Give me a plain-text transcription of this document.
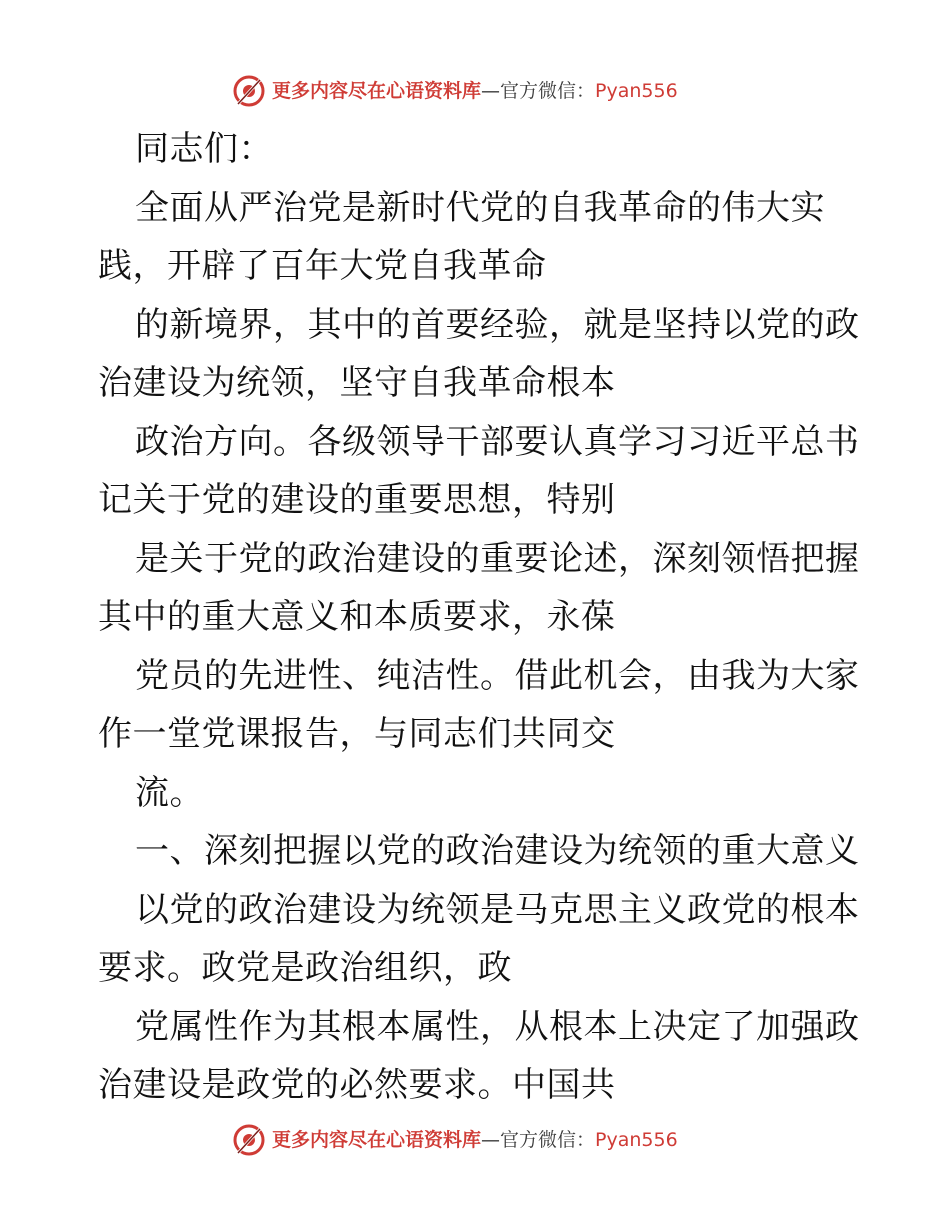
更多内容尽在心语资料库—官方微信：Pyan556
同志们：
全面从严治党是新时代党的自我革命的伟大实
践，开辟了百年大党自我革命
的新境界，其中的首要经验，就是坚持以党的政
治建设为统领，坚守自我革命根本
政治方向。各级领导干部要认真学习习近平总书
记关于党的建设的重要思想，特别
是关于党的政治建设的重要论述，深刻领悟把握
其中的重大意义和本质要求，永葆
党员的先进性、纯洁性。借此机会，由我为大家
作一堂党课报告，与同志们共同交
流。
一、深刻把握以党的政治建设为统领的重大意义
以党的政治建设为统领是马克思主义政党的根本
要求。政党是政治组织，政
党属性作为其根本属性，从根本上决定了加强政
治建设是政党的必然要求。中国共
更多内容尽在心语资料库—官方微信：Pyan556
